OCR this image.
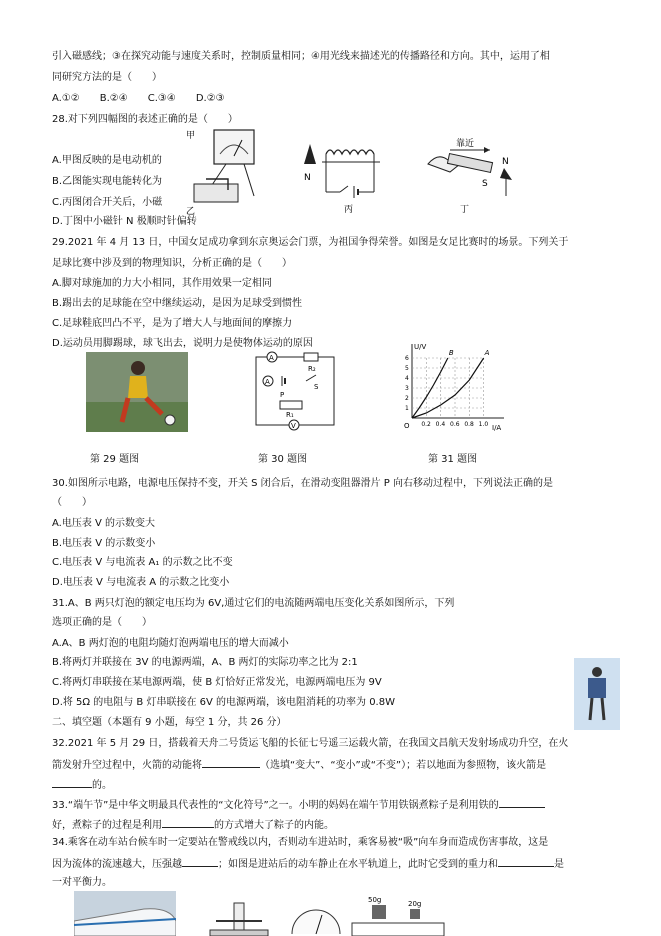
引入磁感线；③在探究动能与速度关系时，控制质量相同；④用光线来描述光的传播路径和方向。其中，运用了相
同研究方法的是（　　）
A.①②　　B.②④　　C.③④　　D.②③
28.对下列四幅图的表述正确的是（　　）
A.甲图反映的是电动机的
B.乙图能实现电能转化为
C.丙图闭合开关后，小磁
D.丁图中小磁针 N 极顺时针偏转
29.2021 年 4 月 13 日，中国女足成功拿到东京奥运会门票，为祖国争得荣誉。如图是女足比赛时的场景。下列关于
足球比赛中涉及到的物理知识，分析正确的是（　　）
A.脚对球施加的力大小相同，其作用效果一定相同
B.踢出去的足球能在空中继续运动，是因为足球受到惯性
C.足球鞋底凹凸不平，是为了增大人与地面间的摩擦力
D.运动员用脚踢球，球飞出去，说明力是使物体运动的原因
30.如图所示电路，电源电压保持不变，开关 S 闭合后，在滑动变阻器滑片 P 向右移动过程中，下列说法正确的是
（　　）
A.电压表 V 的示数变大
B.电压表 V 的示数变小
C.电压表 V 与电流表 A₁ 的示数之比不变
D.电压表 V 与电流表 A 的示数之比变小
31.A、B 两只灯泡的额定电压均为 6V,通过它们的电流随两端电压变化关系如图所示，下列
选项正确的是（　　）
A.A、B 两灯泡的电阻均随灯泡两端电压的增大而减小
B.将两灯并联接在 3V 的电源两端，A、B 两灯的实际功率之比为 2:1
C.将两灯串联接在某电源两端，使 B 灯恰好正常发光，电源两端电压为 9V
D.将 5Ω 的电阻与 B 灯串联接在 6V 的电源两端，该电阻消耗的功率为 0.8W
二、填空题（本题有 9 小题，每空 1 分，共 26 分）
32.2021 年 5 月 29 日，搭载着天舟二号货运飞船的长征七号遥三运载火箭，在我国文昌航天发射场成功升空，在火
箭发射升空过程中，火箭的动能将	（选填“变大”、“变小”或“不变”）；若以地面为参照物，该火箭是
的。
33.“端午节”是中华文明最具代表性的“文化符号”之一。小明的妈妈在端午节用铁锅煮粽子是利用铁的
好，煮粽子的过程是利用	的方式增大了粽子的内能。
34.乘客在动车站台候车时一定要站在警戒线以内，否则动车进站时，乘客易被“吸”向车身而造成伤害事故，这是
因为流体的流速越大，压强越	；如图是进站后的动车静止在水平轨道上，此时它受到的重力和	是
一对平衡力。
甲
乙
N
丙
靠近
S
N
丁
A
R₂
A
S
P
R₁
V	O
U/V
I/A
0.2 0.4 0.6 0.8 1.0
1
2
3
4
5
6
A
B
第 29 题图	第 30 题图	第 31 题图
50g	20g
